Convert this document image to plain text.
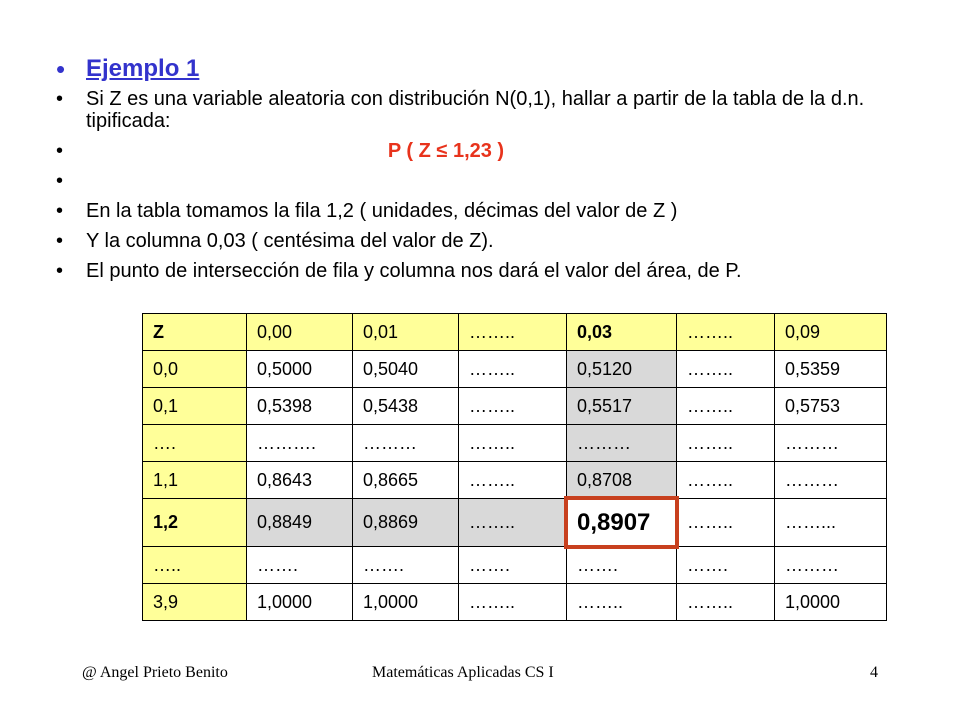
• Ejemplo 1
• Si Z es una variable aleatoria con distribución N(0,1), hallar a partir de la tabla de la d.n. tipificada:
•	P ( Z ≤ 1,23 )
•
• En la tabla tomamos la fila 1,2 ( unidades, décimas del valor de Z )
• Y la columna 0,03 ( centésima del valor de Z).
• El punto de intersección de fila y columna nos dará el valor del área, de P.
Z	0,00	0,01	……..	0,03	……..	0,09
0,0	0,5000	0,5040	……..	0,5120	……..	0,5359
0,1	0,5398	0,5438	……..	0,5517	……..	0,5753
….	……….	………	……..	………	……..	………
1,1	0,8643	0,8665	……..	0,8708	……..	………
1,2	0,8849	0,8869	……..	0,8907	……..	……...
…..	…….	…….	…….	…….	…….	………
3,9	1,0000	1,0000	……..	……..	……..	1,0000
@ Angel Prieto Benito	Matemáticas Aplicadas CS I	4
